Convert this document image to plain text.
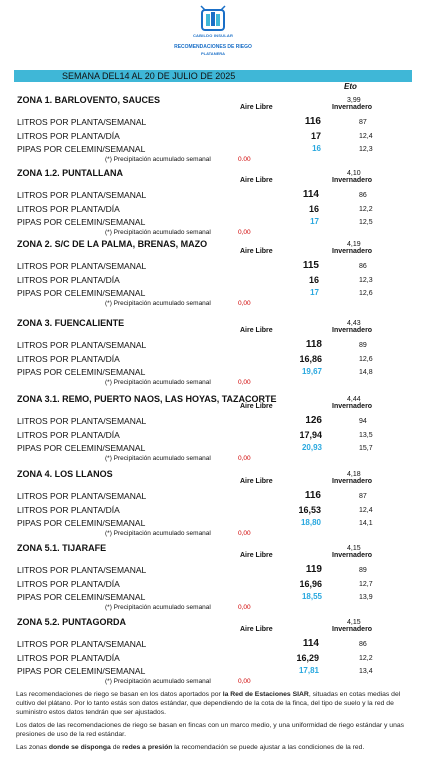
CABILDO INSULAR
RECOMENDACIONES DE RIEGO
PLATANERA
SEMANA DEL14 AL 20 DE JULIO DE 2025
Eto
ZONA 1. BARLOVENTO, SAUCES	3,99
Aire Libre	Invernadero
LITROS POR PLANTA/SEMANAL	116	87
LITROS POR PLANTA/DÍA	17	12,4
PIPAS POR CELEMIN/SEMANAL	16	12,3
(*) Precipitación acumulado semanal	0.00
ZONA 1.2. PUNTALLANA	4,10
Aire Libre	Invernadero
LITROS POR PLANTA/SEMANAL	114	86
LITROS POR PLANTA/DÍA	16	12,2
PIPAS POR CELEMIN/SEMANAL	17	12,5
(*) Precipitación acumulado semanal	0,00
ZONA 2. S/C DE LA PALMA, BRENAS, MAZO	4,19
Aire Libre	Invernadero
LITROS POR PLANTA/SEMANAL	115	86
LITROS POR PLANTA/DÍA	16	12,3
PIPAS POR CELEMIN/SEMANAL	17	12,6
(*) Precipitación acumulado semanal	0,00
ZONA 3. FUENCALIENTE	4,43
Aire Libre	Invernadero
LITROS POR PLANTA/SEMANAL	118	89
LITROS POR PLANTA/DÍA	16,86	12,6
PIPAS POR CELEMIN/SEMANAL	19,67	14,8
(*) Precipitación acumulado semanal	0,00
ZONA 3.1. REMO, PUERTO NAOS, LAS HOYAS, TAZACORTE	4,44
Aire Libre	Invernadero
LITROS POR PLANTA/SEMANAL	126	94
LITROS POR PLANTA/DÍA	17,94	13,5
PIPAS POR CELEMIN/SEMANAL	20,93	15,7
(*) Precipitación acumulado semanal	0,00
ZONA 4. LOS LLANOS	4,18
Aire Libre	Invernadero
LITROS POR PLANTA/SEMANAL	116	87
LITROS POR PLANTA/DÍA	16,53	12,4
PIPAS POR CELEMIN/SEMANAL	18,80	14,1
(*) Precipitación acumulado semanal	0,00
ZONA 5.1. TIJARAFE	4,15
Aire Libre	Invernadero
LITROS POR PLANTA/SEMANAL	119	89
LITROS POR PLANTA/DÍA	16,96	12,7
PIPAS POR CELEMIN/SEMANAL	18,55	13,9
(*) Precipitación acumulado semanal	0,00
ZONA 5.2. PUNTAGORDA	4,15
Aire Libre	Invernadero
LITROS POR PLANTA/SEMANAL	114	86
LITROS POR PLANTA/DÍA	16,29	12,2
PIPAS POR CELEMIN/SEMANAL	17,81	13,4
(*) Precipitación acumulado semanal	0,00

Las recomendaciones de riego se basan en los datos aportados por la Red de Estaciones SIAR, situadas en cotas medias del cultivo del plátano. Por lo tanto estás son datos estándar, que dependiendo de la cota de la finca, del tipo de suelo y la red de suministro estos datos tendrán que ser ajustados.

Los datos de las recomendaciones de riego se basan en fincas con un marco medio, y una uniformidad de riego estándar y unas presiones de uso de la red estándar.

Las zonas donde se disponga de redes a presión la recomendación se puede ajustar a las condiciones de la red.
